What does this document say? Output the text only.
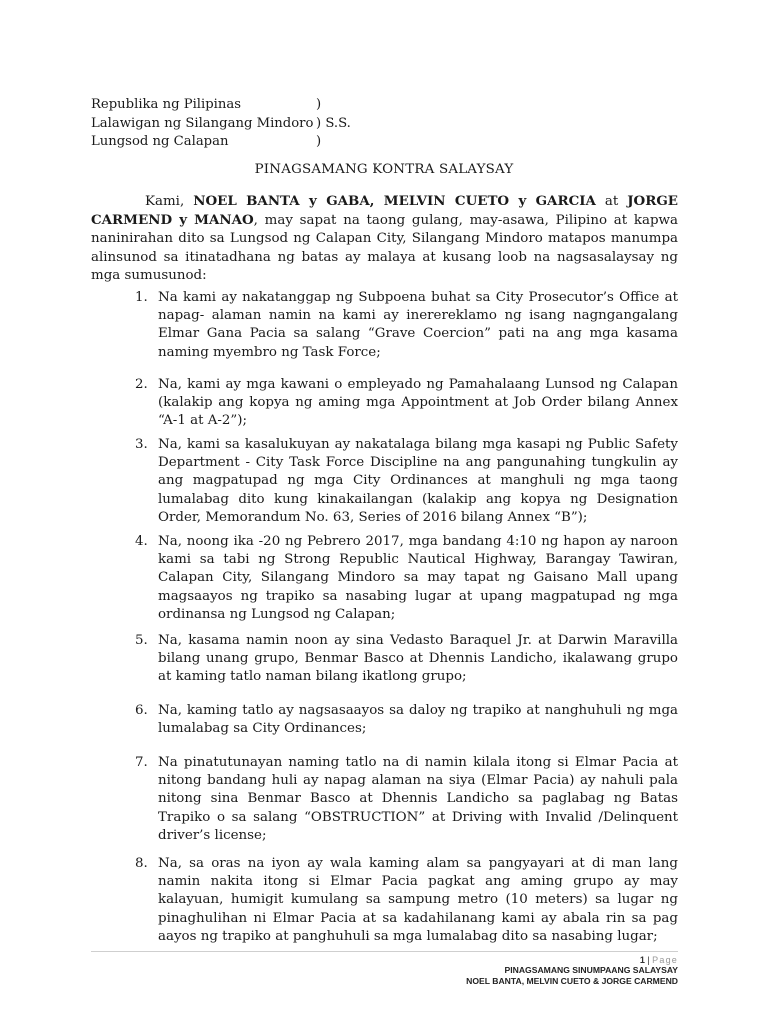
Republika ng Pilipinas	)
Lalawigan ng Silangang Mindoro ) S.S.
Lungsod ng Calapan	)
PINAGSAMANG KONTRA SALAYSAY

Kami, NOEL BANTA y GABA, MELVIN CUETO y GARCIA at JORGE CARMEND y MANAO, may sapat na taong gulang, may-asawa, Pilipino at kapwa naninirahan dito sa Lungsod ng Calapan City, Silangang Mindoro matapos manumpa alinsunod sa itinatadhana ng batas ay malaya at kusang loob na nagsasalaysay ng mga sumusunod:

1. Na kami ay nakatanggap ng Subpoena buhat sa City Prosecutor’s Office at napag- alaman namin na kami ay inerereklamo ng isang nagngangalang Elmar Gana Pacia sa salang “Grave Coercion” pati na ang mga kasama naming myembro ng Task Force;
2. Na, kami ay mga kawani o empleyado ng Pamahalaang Lunsod ng Calapan (kalakip ang kopya ng aming mga Appointment at Job Order bilang Annex “A-1 at A-2”);
3. Na, kami sa kasalukuyan ay nakatalaga bilang mga kasapi ng Public Safety Department - City Task Force Discipline na ang pangunahing tungkulin ay ang magpatupad ng mga City Ordinances at manghuli ng mga taong lumalabag dito kung kinakailangan (kalakip ang kopya ng Designation Order, Memorandum No. 63, Series of 2016 bilang Annex “B”);
4. Na, noong ika -20 ng Pebrero 2017, mga bandang 4:10 ng hapon ay naroon kami sa tabi ng Strong Republic Nautical Highway, Barangay Tawiran, Calapan City, Silangang Mindoro sa may tapat ng Gaisano Mall upang magsaayos ng trapiko sa nasabing lugar at upang magpatupad ng mga ordinansa ng Lungsod ng Calapan;
5. Na, kasama namin noon ay sina Vedasto Baraquel Jr. at Darwin Maravilla bilang unang grupo, Benmar Basco at Dhennis Landicho, ikalawang grupo at kaming tatlo naman bilang ikatlong grupo;
6. Na, kaming tatlo ay nagsasaayos sa daloy ng trapiko at nanghuhuli ng mga lumalabag sa City Ordinances;
7. Na pinatutunayan naming tatlo na di namin kilala itong si Elmar Pacia at nitong bandang huli ay napag alaman na siya (Elmar Pacia) ay nahuli pala nitong sina Benmar Basco at Dhennis Landicho sa paglabag ng Batas Trapiko o sa salang “OBSTRUCTION” at Driving with Invalid /Delinquent driver’s license;
8. Na, sa oras na iyon ay wala kaming alam sa pangyayari at di man lang namin nakita itong si Elmar Pacia pagkat ang aming grupo ay may kalayuan, humigit kumulang sa sampung metro (10 meters) sa lugar ng pinaghulihan ni Elmar Pacia at sa kadahilanang kami ay abala rin sa pag aayos ng trapiko at panghuhuli sa mga lumalabag dito sa nasabing lugar;
1 | Page
PINAGSAMANG SINUMPAANG SALAYSAY
NOEL BANTA, MELVIN CUETO & JORGE CARMEND
